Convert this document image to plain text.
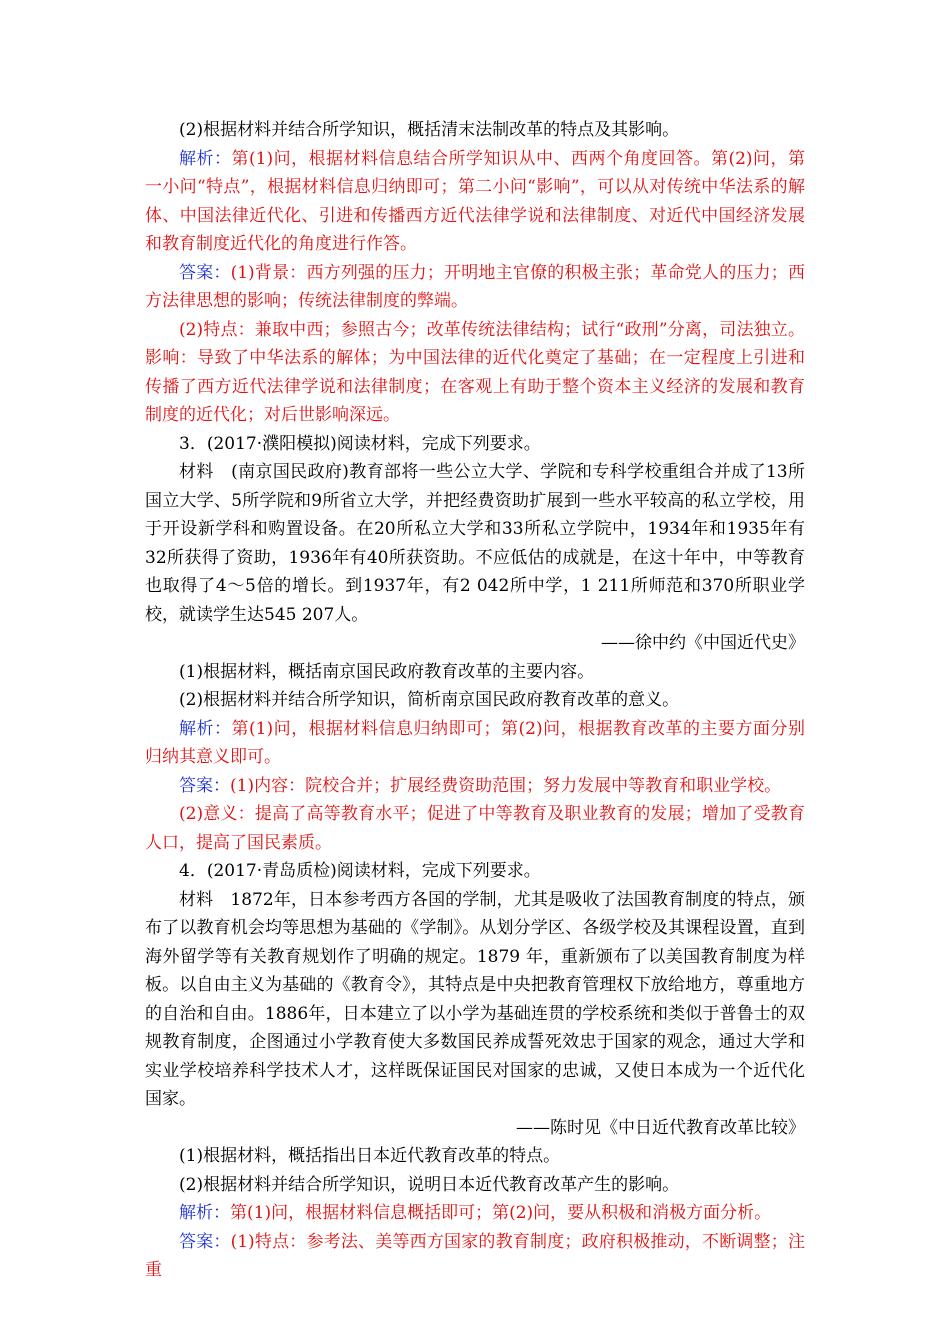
(2)根据材料并结合所学知识，概括清末法制改革的特点及其影响。

解析：第(1)问，根据材料信息结合所学知识从中、西两个角度回答。第(2)问，第一小问“特点”，根据材料信息归纳即可；第二小问“影响”，可以从对传统中华法系的解体、中国法律近代化、引进和传播西方近代法律学说和法律制度、对近代中国经济发展和教育制度近代化的角度进行作答。

答案：(1)背景：西方列强的压力；开明地主官僚的积极主张；革命党人的压力；西方法律思想的影响；传统法律制度的弊端。

(2)特点：兼取中西；参照古今；改革传统法律结构；试行“政刑”分离，司法独立。影响：导致了中华法系的解体；为中国法律的近代化奠定了基础；在一定程度上引进和传播了西方近代法律学说和法律制度；在客观上有助于整个资本主义经济的发展和教育制度的近代化；对后世影响深远。

3．(2017·濮阳模拟)阅读材料，完成下列要求。

材料　(南京国民政府)教育部将一些公立大学、学院和专科学校重组合并成了13所国立大学、5所学院和9所省立大学，并把经费资助扩展到一些水平较高的私立学校，用于开设新学科和购置设备。在20所私立大学和33所私立学院中，1934年和1935年有32所获得了资助，1936年有40所获资助。不应低估的成就是，在这十年中，中等教育也取得了4～5倍的增长。到1937年，有2 042所中学，1 211所师范和370所职业学校，就读学生达545 207人。

——徐中约《中国近代史》

(1)根据材料，概括南京国民政府教育改革的主要内容。

(2)根据材料并结合所学知识，简析南京国民政府教育改革的意义。

解析：第(1)问，根据材料信息归纳即可；第(2)问，根据教育改革的主要方面分别归纳其意义即可。

答案：(1)内容：院校合并；扩展经费资助范围；努力发展中等教育和职业学校。

(2)意义：提高了高等教育水平；促进了中等教育及职业教育的发展；增加了受教育人口，提高了国民素质。

4．(2017·青岛质检)阅读材料，完成下列要求。

材料　1872年，日本参考西方各国的学制，尤其是吸收了法国教育制度的特点，颁布了以教育机会均等思想为基础的《学制》。从划分学区、各级学校及其课程设置，直到海外留学等有关教育规划作了明确的规定。1879 年，重新颁布了以美国教育制度为样板。以自由主义为基础的《教育令》，其特点是中央把教育管理权下放给地方，尊重地方的自治和自由。1886年，日本建立了以小学为基础连贯的学校系统和类似于普鲁士的双规教育制度，企图通过小学教育使大多数国民养成誓死效忠于国家的观念，通过大学和实业学校培养科学技术人才，这样既保证国民对国家的忠诚，又使日本成为一个近代化国家。

——陈时见《中日近代教育改革比较》

(1)根据材料，概括指出日本近代教育改革的特点。

(2)根据材料并结合所学知识，说明日本近代教育改革产生的影响。

解析：第(1)问，根据材料信息概括即可；第(2)问，要从积极和消极方面分析。

答案：(1)特点：参考法、美等西方国家的教育制度；政府积极推动，不断调整；注重
